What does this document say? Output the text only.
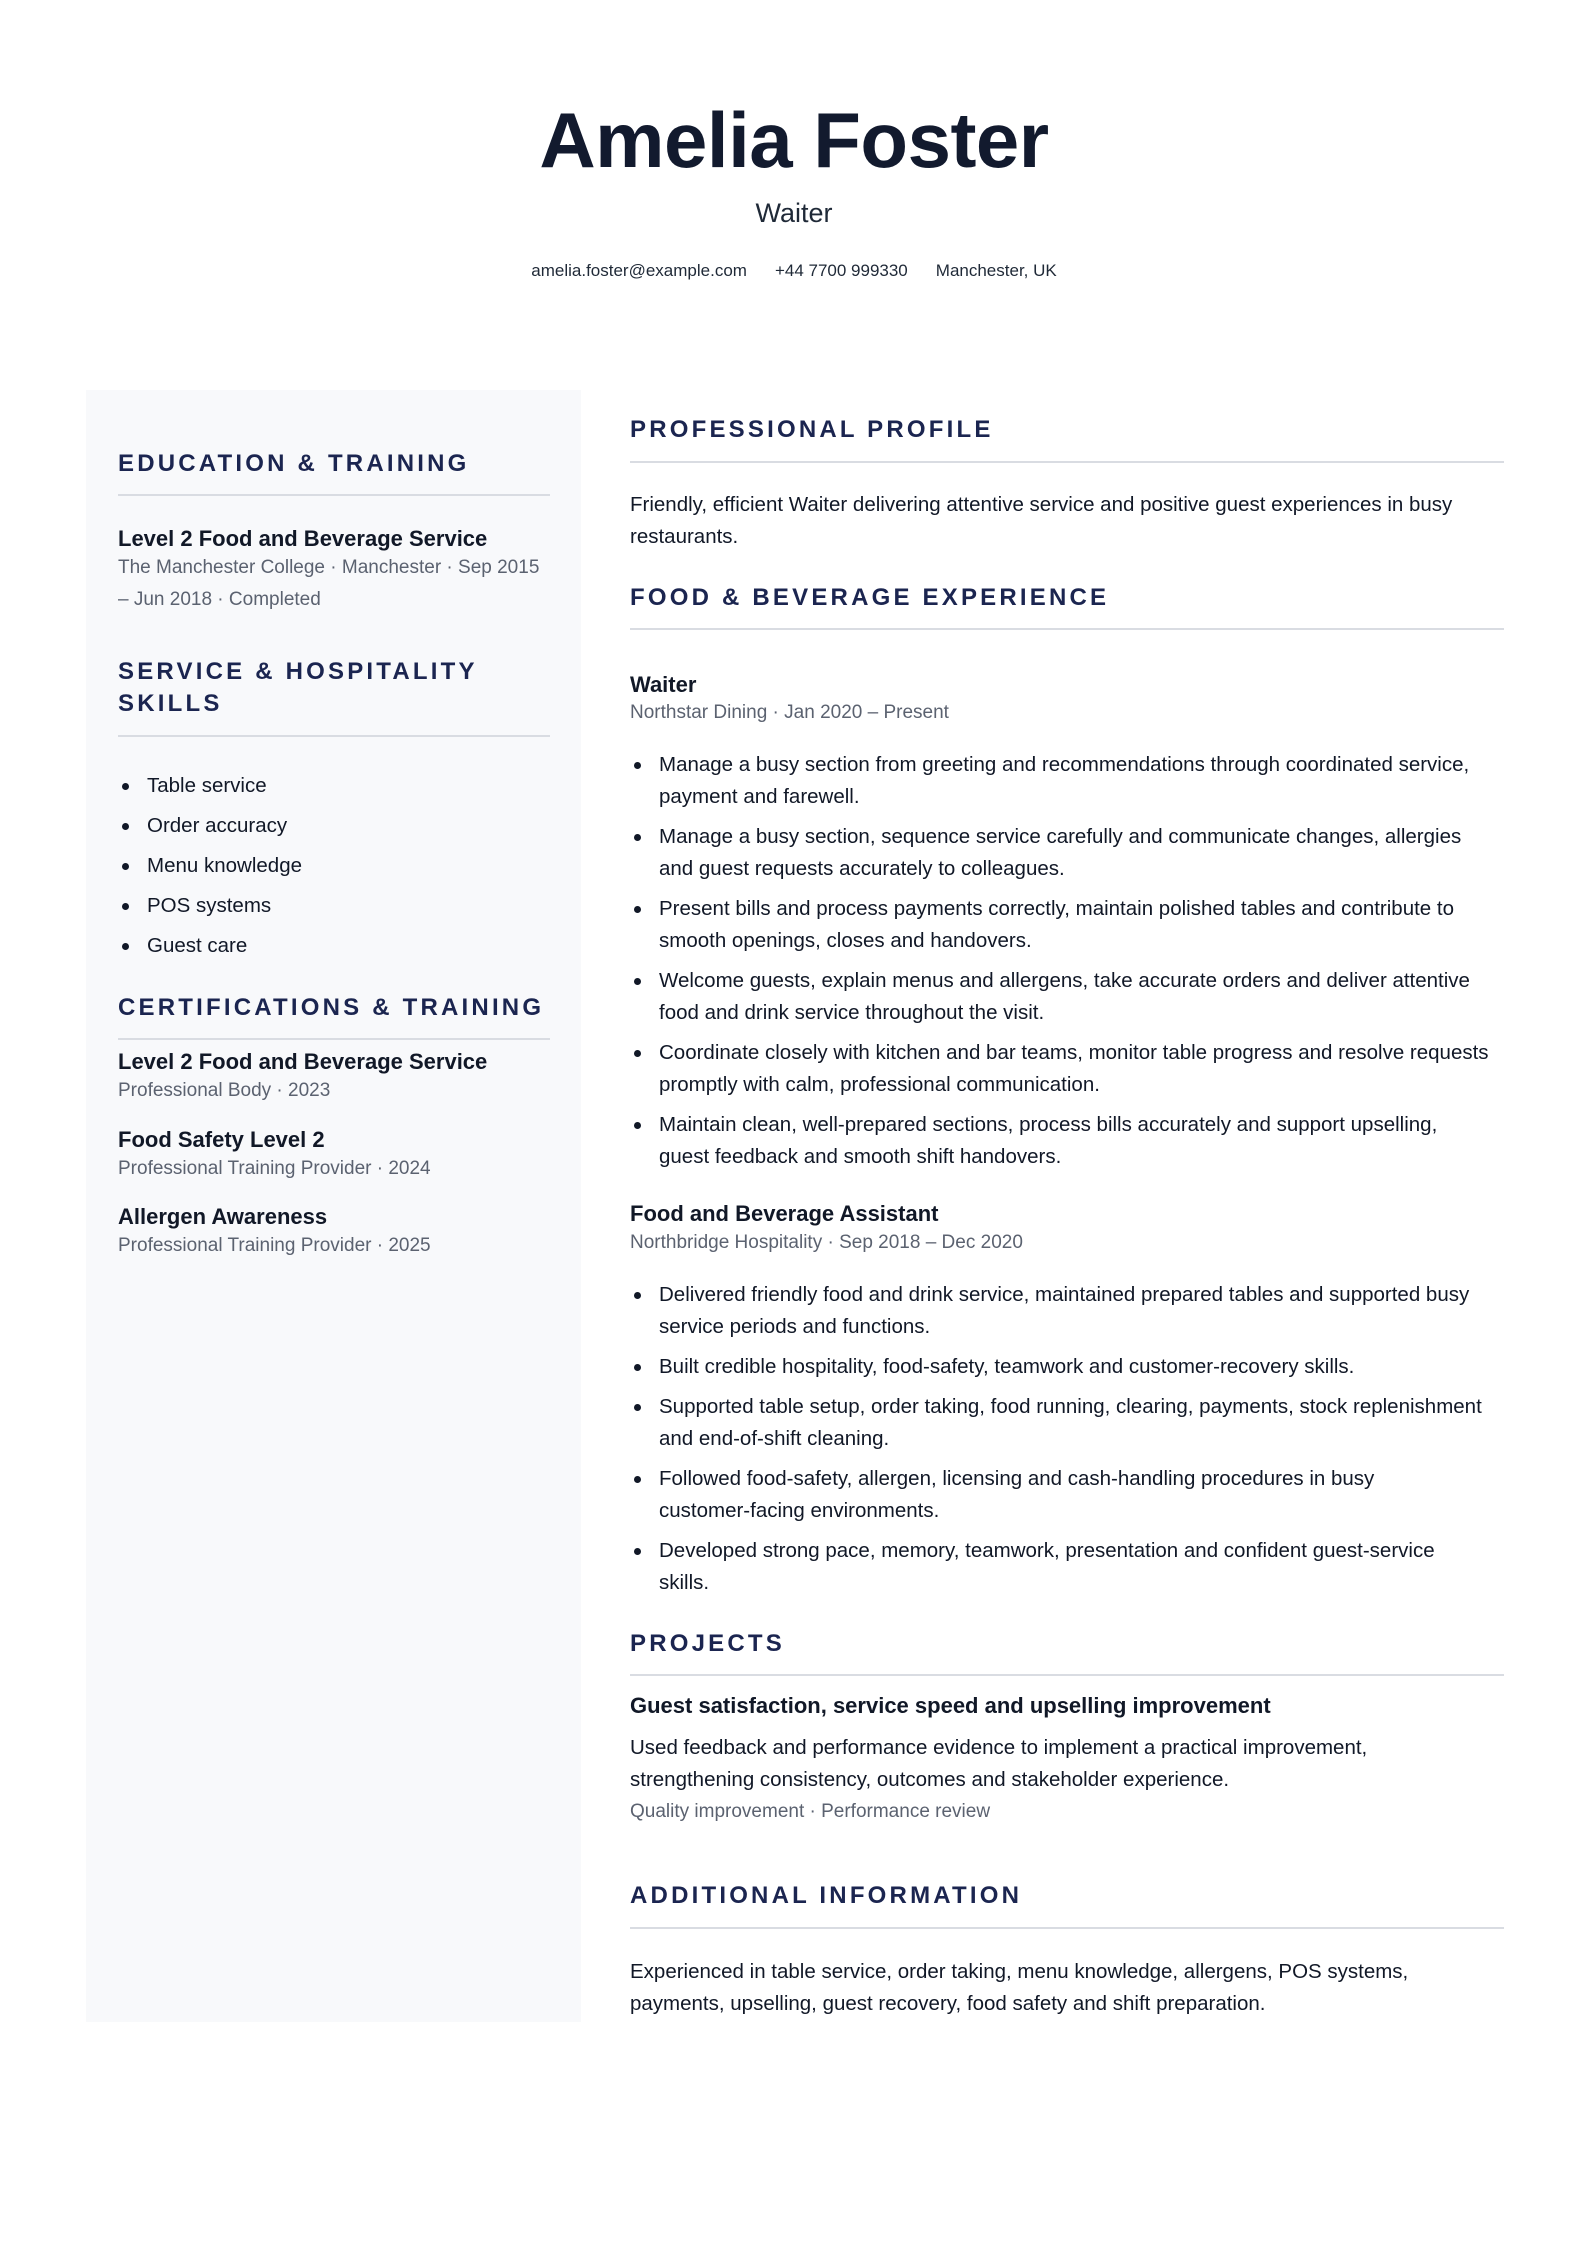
Amelia Foster
Waiter
amelia.foster@example.com +44 7700 999330 Manchester, UK
EDUCATION & TRAINING
Level 2 Food and Beverage Service
The Manchester College · Manchester · Sep 2015
– Jun 2018 · Completed
SERVICE & HOSPITALITY
SKILLS
Table service
Order accuracy
Menu knowledge
POS systems
Guest care
CERTIFICATIONS & TRAINING
Level 2 Food and Beverage Service
Professional Body · 2023
Food Safety Level 2
Professional Training Provider · 2024
Allergen Awareness
Professional Training Provider · 2025
PROFESSIONAL PROFILE
Friendly, efficient Waiter delivering attentive service and positive guest experiences in busy
restaurants.
FOOD & BEVERAGE EXPERIENCE
Waiter
Northstar Dining · Jan 2020 – Present
Manage a busy section from greeting and recommendations through coordinated service,
payment and farewell.
Manage a busy section, sequence service carefully and communicate changes, allergies
and guest requests accurately to colleagues.
Present bills and process payments correctly, maintain polished tables and contribute to
smooth openings, closes and handovers.
Welcome guests, explain menus and allergens, take accurate orders and deliver attentive
food and drink service throughout the visit.
Coordinate closely with kitchen and bar teams, monitor table progress and resolve requests
promptly with calm, professional communication.
Maintain clean, well-prepared sections, process bills accurately and support upselling,
guest feedback and smooth shift handovers.
Food and Beverage Assistant
Northbridge Hospitality · Sep 2018 – Dec 2020
Delivered friendly food and drink service, maintained prepared tables and supported busy
service periods and functions.
Built credible hospitality, food-safety, teamwork and customer-recovery skills.
Supported table setup, order taking, food running, clearing, payments, stock replenishment
and end-of-shift cleaning.
Followed food-safety, allergen, licensing and cash-handling procedures in busy
customer-facing environments.
Developed strong pace, memory, teamwork, presentation and confident guest-service
skills.
PROJECTS
Guest satisfaction, service speed and upselling improvement
Used feedback and performance evidence to implement a practical improvement,
strengthening consistency, outcomes and stakeholder experience.
Quality improvement · Performance review
ADDITIONAL INFORMATION
Experienced in table service, order taking, menu knowledge, allergens, POS systems,
payments, upselling, guest recovery, food safety and shift preparation.
